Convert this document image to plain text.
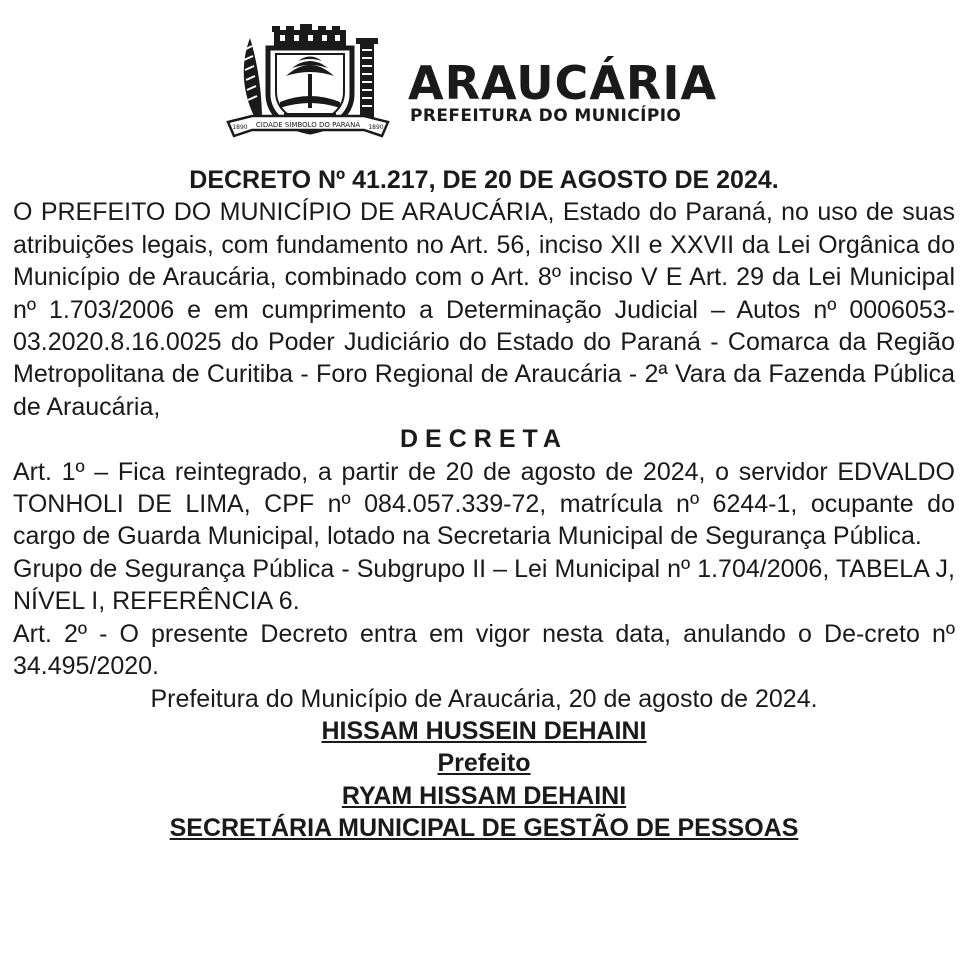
CIDADE SÍMBOLO DO PARANÁ
1890	1890
ARAUCÁRIA
PREFEITURA DO MUNICÍPIO

DECRETO Nº 41.217, DE 20 DE AGOSTO DE 2024.

O PREFEITO DO MUNICÍPIO DE ARAUCÁRIA, Estado do Paraná, no uso de suas atribuições legais, com fundamento no Art. 56, inciso XII e XXVII da Lei Orgânica do Município de Araucária, combinado com o Art. 8º inciso V E Art. 29 da Lei Municipal nº 1.703/2006 e em cumprimento a Determinação Judicial – Autos nº 0006053-03.2020.8.16.0025 do Poder Judiciário do Estado do Paraná - Comarca da Região Metropolitana de Curitiba - Foro Regional de Araucária - 2ª Vara da Fazenda Pública de Araucária,

DECRETA

Art. 1º – Fica reintegrado, a partir de 20 de agosto de 2024, o servidor EDVALDO TONHOLI DE LIMA, CPF nº 084.057.339-72, matrícula nº 6244-1, ocupante do cargo de Guarda Municipal, lotado na Secretaria Municipal de Segurança Pública.

Grupo de Segurança Pública - Subgrupo II – Lei Municipal nº 1.704/2006, TABELA J, NÍVEL I, REFERÊNCIA 6.

Art. 2º - O presente Decreto entra em vigor nesta data, anulando o De-creto nº 34.495/2020.

Prefeitura do Município de Araucária, 20 de agosto de 2024.

HISSAM HUSSEIN DEHAINI

Prefeito

RYAM HISSAM DEHAINI

SECRETÁRIA MUNICIPAL DE GESTÃO DE PESSOAS
